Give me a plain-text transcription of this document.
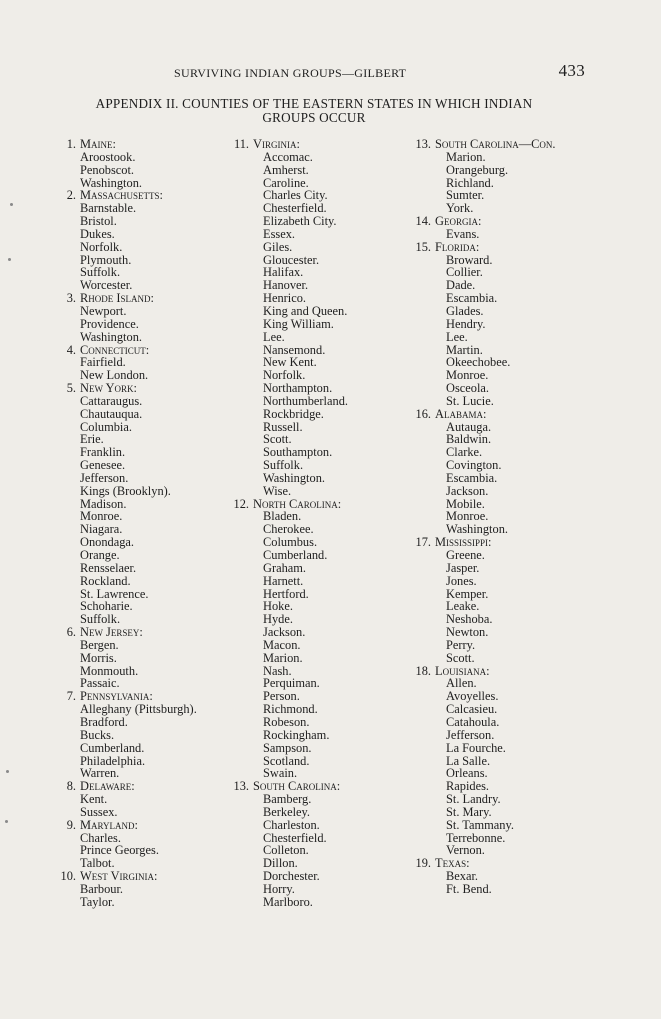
SURVIVING INDIAN GROUPS—GILBERT	433
APPENDIX II. COUNTIES OF THE EASTERN STATES IN WHICH INDIAN
GROUPS OCCUR
1. Maine:
Aroostook.
Penobscot.
Washington.
2. Massachusetts:
Barnstable.
Bristol.
Dukes.
Norfolk.
Plymouth.
Suffolk.
Worcester.
3. Rhode Island:
Newport.
Providence.
Washington.
4. Connecticut:
Fairfield.
New London.
5. New York:
Cattaraugus.
Chautauqua.
Columbia.
Erie.
Franklin.
Genesee.
Jefferson.
Kings (Brooklyn).
Madison.
Monroe.
Niagara.
Onondaga.
Orange.
Rensselaer.
Rockland.
St. Lawrence.
Schoharie.
Suffolk.
6. New Jersey:
Bergen.
Morris.
Monmouth.
Passaic.
7. Pennsylvania:
Alleghany (Pittsburgh).
Bradford.
Bucks.
Cumberland.
Philadelphia.
Warren.
8. Delaware:
Kent.
Sussex.
9. Maryland:
Charles.
Prince Georges.
Talbot.
10. West Virginia:
Barbour.
Taylor.
11. Virginia:
Accomac.
Amherst.
Caroline.
Charles City.
Chesterfield.
Elizabeth City.
Essex.
Giles.
Gloucester.
Halifax.
Hanover.
Henrico.
King and Queen.
King William.
Lee.
Nansemond.
New Kent.
Norfolk.
Northampton.
Northumberland.
Rockbridge.
Russell.
Scott.
Southampton.
Suffolk.
Washington.
Wise.
12. North Carolina:
Bladen.
Cherokee.
Columbus.
Cumberland.
Graham.
Harnett.
Hertford.
Hoke.
Hyde.
Jackson.
Macon.
Marion.
Nash.
Perquiman.
Person.
Richmond.
Robeson.
Rockingham.
Sampson.
Scotland.
Swain.
13. South Carolina:
Bamberg.
Berkeley.
Charleston.
Chesterfield.
Colleton.
Dillon.
Dorchester.
Horry.
Marlboro.
13. South Carolina—Con.
Marion.
Orangeburg.
Richland.
Sumter.
York.
14. Georgia:
Evans.
15. Florida:
Broward.
Collier.
Dade.
Escambia.
Glades.
Hendry.
Lee.
Martin.
Okeechobee.
Monroe.
Osceola.
St. Lucie.
16. Alabama:
Autauga.
Baldwin.
Clarke.
Covington.
Escambia.
Jackson.
Mobile.
Monroe.
Washington.
17. Mississippi:
Greene.
Jasper.
Jones.
Kemper.
Leake.
Neshoba.
Newton.
Perry.
Scott.
18. Louisiana:
Allen.
Avoyelles.
Calcasieu.
Catahoula.
Jefferson.
La Fourche.
La Salle.
Orleans.
Rapides.
St. Landry.
St. Mary.
St. Tammany.
Terrebonne.
Vernon.
19. Texas:
Bexar.
Ft. Bend.
